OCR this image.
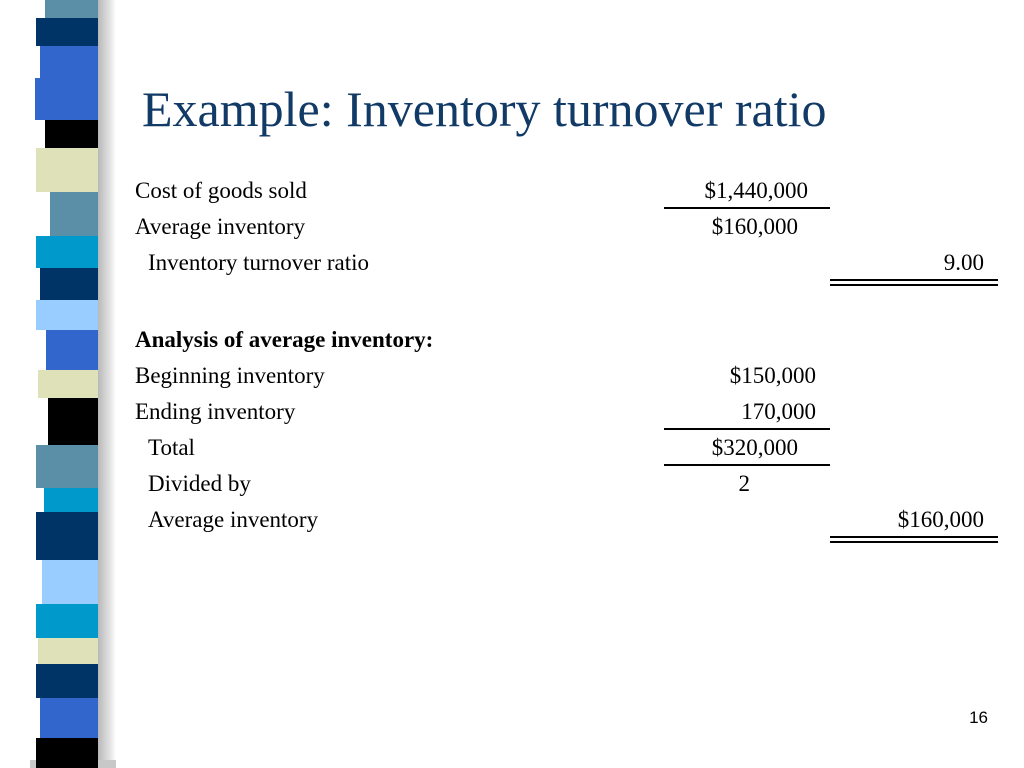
Example: Inventory turnover ratio
Cost of goods sold	$1,440,000
Average inventory	$160,000
Inventory turnover ratio	9.00
Analysis of average inventory:
Beginning inventory	$150,000
Ending inventory	170,000
Total	$320,000
Divided by	2
Average inventory	$160,000
16
